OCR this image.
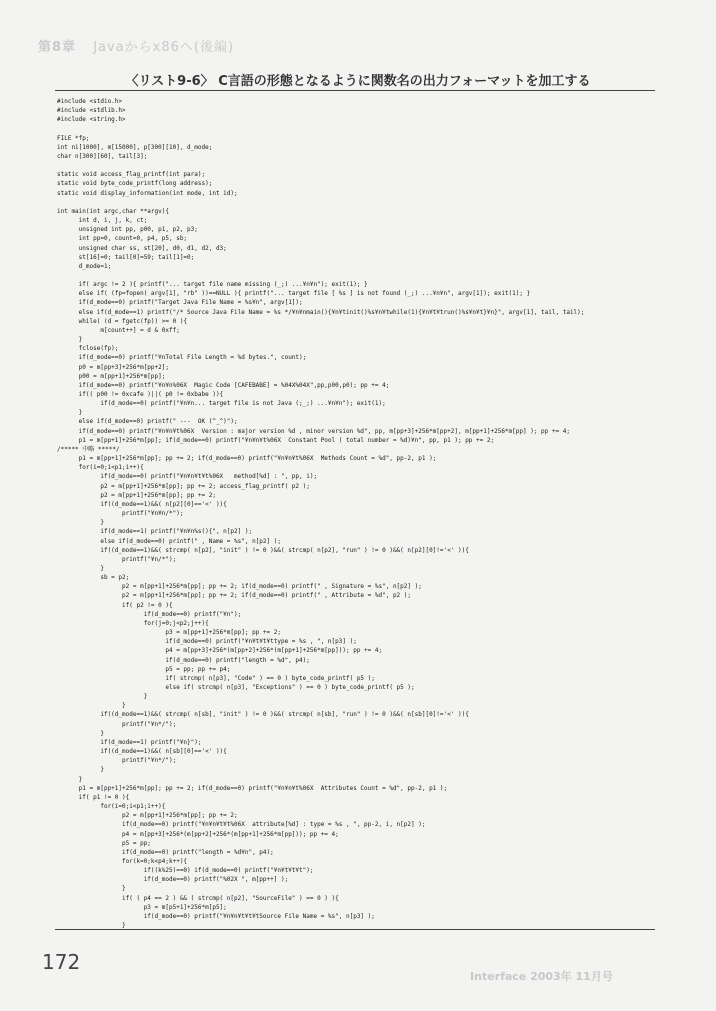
第8章 Javaからx86へ(後編)
〈リスト9-6〉 C言語の形態となるように関数名の出力フォーマットを加工する
#include <stdio.h>
#include <stdlib.h>
#include <string.h>

FILE *fp;
int ni[1000], m[15000], p[300][10], d_mode;
char n[300][60], tail[3];

static void access_flag_printf(int para);
static void byte_code_printf(long address);
static void display_information(int mode, int id);

int main(int argc,char **argv){
int d, i, j, k, ct;
unsigned int pp, p00, p1, p2, p3;
int pp=0, count=0, p4, p5, sb;
unsigned char ss, st[20], d0, d1, d2, d3;
st[16]=0; tail[0]=59; tail[1]=0;
d_mode=1;

if( argc != 2 ){ printf("... target file name missing (_;) ...¥n¥n"); exit(1); }
else if( (fp=fopen( argv[1], "rb" ))==NULL ){ printf("... target file [ %s ] is not found (_;) ...¥n¥n", argv[1]); exit(1); }
if(d_mode==0) printf("Target Java File Name = %s¥n", argv[1]);
else if(d_mode==1) printf("/* Source Java File Name = %s */¥n¥nmain(){¥n¥tinit()%s¥n¥twhile(1){¥n¥t¥trun()%s¥n¥t}¥n}", argv[1], tail, tail);
while( (d = fgetc(fp)) >= 0 ){
m[count++] = d & 0xff;
}
fclose(fp);
if(d_mode==0) printf("¥nTotal File Length = %d bytes.", count);
p0 = m[pp+3]+256*m[pp+2];
p00 = m[pp+1]+256*m[pp];
if(d_mode==0) printf("¥n¥n%06X  Magic Code [CAFEBABE] = %04X%04X",pp,p00,p0); pp += 4;
if(( p00 != 0xcafe )||( p0 != 0xbabe )){
if(d_mode==0) printf("¥n¥n... target file is not Java (;_;) ...¥n¥n"); exit(1);
}
else if(d_mode==0) printf(" ---  OK (^_^)");
if(d_mode==0) printf("¥n¥n¥t%06X  Version : major version %d , minor version %d", pp, m[pp+3]+256*m[pp+2], m[pp+1]+256*m[pp] ); pp += 4;
p1 = m[pp+1]+256*m[pp]; if(d_mode==0) printf("¥n¥n¥t%06X  Constant Pool ( total number = %d)¥n", pp, p1 ); pp += 2;
/***** 中略 *****/
p1 = m[pp+1]+256*m[pp]; pp += 2; if(d_mode==0) printf("¥n¥n¥t%06X  Methods Count = %d", pp-2, p1 );
for(i=0;i<p1;i++){
if(d_mode==0) printf("¥n¥n¥t¥t%06X   method[%d] : ", pp, i);
p2 = m[pp+1]+256*m[pp]; pp += 2; access_flag_printf( p2 );
p2 = m[pp+1]+256*m[pp]; pp += 2;
if((d_mode==1)&&( n[p2][0]=='<' )){
printf("¥n¥n/*");
}
if(d_mode==1) printf("¥n¥n%s(){", n[p2] );
else if(d_mode==0) printf(" , Name = %s", n[p2] );
if((d_mode==1)&&( strcmp( n[p2], "init" ) != 0 )&&( strcmp( n[p2], "run" ) != 0 )&&( n[p2][0]!='<' )){
printf("¥n/*");
}
sb = p2;
p2 = m[pp+1]+256*m[pp]; pp += 2; if(d_mode==0) printf(" , Signature = %s", n[p2] );
p2 = m[pp+1]+256*m[pp]; pp += 2; if(d_mode==0) printf(" , Attribute = %d", p2 );
if( p2 != 0 ){
if(d_mode==0) printf("¥n");
for(j=0;j<p2;j++){
p3 = m[pp+1]+256*m[pp]; pp += 2;
if(d_mode==0) printf("¥n¥t¥t¥ttype = %s , ", n[p3] );
p4 = m[pp+3]+256*(m[pp+2]+256*(m[pp+1]+256*m[pp])); pp += 4;
if(d_mode==0) printf("length = %d", p4);
p5 = pp; pp += p4;
if( strcmp( n[p3], "Code" ) == 0 ) byte_code_printf( p5 );
else if( strcmp( n[p3], "Exceptions" ) == 0 ) byte_code_printf( p5 );
}
}
if((d_mode==1)&&( strcmp( n[sb], "init" ) != 0 )&&( strcmp( n[sb], "run" ) != 0 )&&( n[sb][0]!='<' )){
printf("¥n*/");
}
if(d_mode==1) printf("¥n}");
if((d_mode==1)&&( n[sb][0]=='<' )){
printf("¥n*/");
}
}
p1 = m[pp+1]+256*m[pp]; pp += 2; if(d_mode==0) printf("¥n¥n¥t%06X  Attributes Count = %d", pp-2, p1 );
if( p1 != 0 ){
for(i=0;i<p1;i++){
p2 = m[pp+1]+256*m[pp]; pp += 2;
if(d_mode==0) printf("¥n¥n¥t¥t%06X  attribute[%d] : type = %s , ", pp-2, i, n[p2] );
p4 = m[pp+3]+256*(m[pp+2]+256*(m[pp+1]+256*m[pp])); pp += 4;
p5 = pp;
if(d_mode==0) printf("length = %d¥n", p4);
for(k=0;k<p4;k++){
if((k%25)==0) if(d_mode==0) printf("¥n¥t¥t¥t");
if(d_mode==0) printf("%02X ", m[pp++] );
}
if( ( p4 == 2 ) && ( strcmp( n[p2], "SourceFile" ) == 0 ) ){
p3 = m[p5+1]+256*m[p5];
if(d_mode==0) printf("¥n¥n¥t¥t¥tSource File Name = %s", n[p3] );
}

172
Interface 2003年 11月号
